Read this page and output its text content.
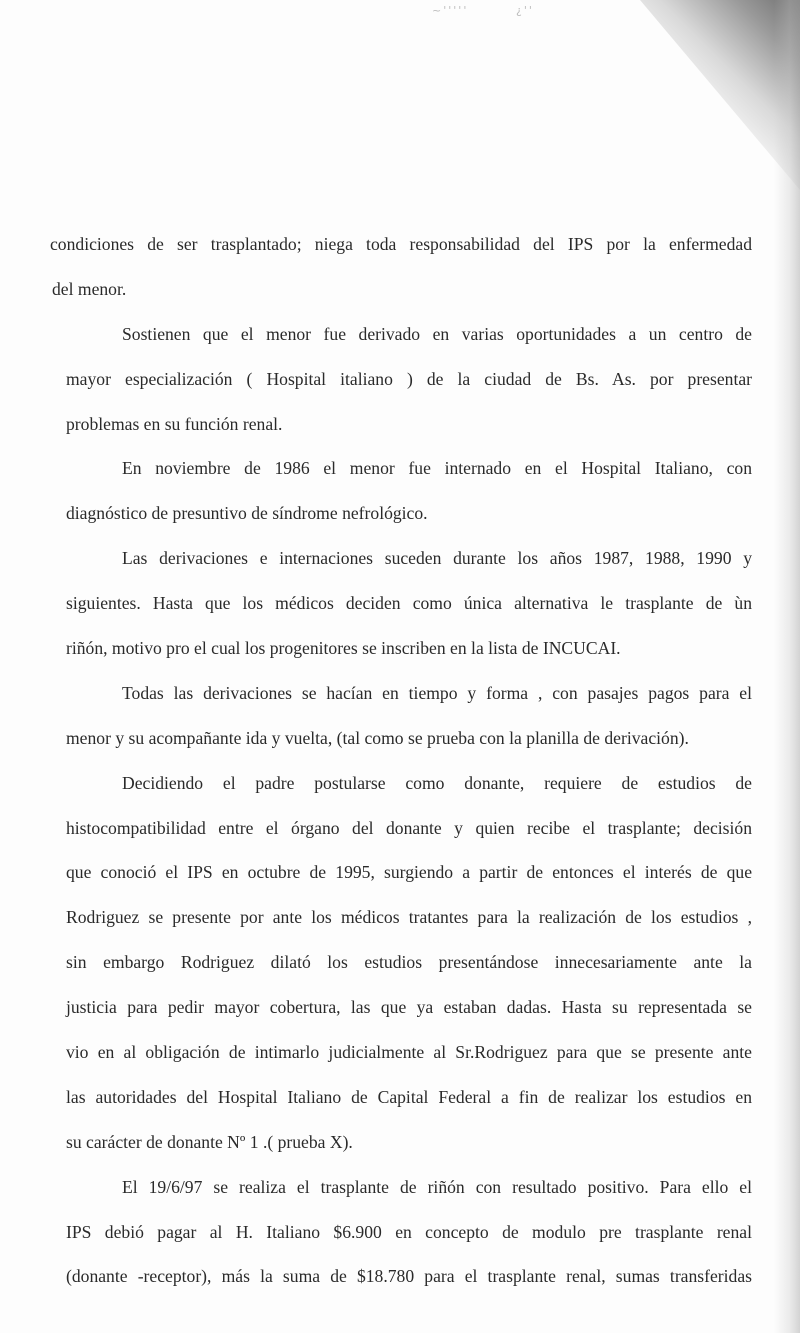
~'''''	¿''
condiciones de ser trasplantado; niega toda responsabilidad del IPS por la enfermedad
del menor.
Sostienen que el menor fue derivado en varias oportunidades a un centro de
mayor especialización ( Hospital italiano ) de la ciudad de Bs. As. por presentar
problemas en su función renal.
En noviembre de 1986 el menor fue internado en el Hospital Italiano, con
diagnóstico de presuntivo de síndrome nefrológico.
Las derivaciones e internaciones suceden durante los años 1987, 1988, 1990 y
siguientes. Hasta que los médicos deciden como única alternativa le trasplante de ùn
riñón, motivo pro el cual los progenitores se inscriben en la lista de INCUCAI.
Todas las derivaciones se hacían en tiempo y forma , con pasajes pagos para el
menor y su acompañante ida y vuelta, (tal como se prueba con la planilla de derivación).
Decidiendo el padre postularse como donante, requiere de estudios de
histocompatibilidad entre el órgano del donante y quien recibe el trasplante; decisión
que conoció el IPS en octubre de 1995, surgiendo a partir de entonces el interés de que
Rodriguez se presente por ante los médicos tratantes para la realización de los estudios ,
sin embargo Rodriguez dilató los estudios presentándose innecesariamente ante la
justicia para pedir mayor cobertura, las que ya estaban dadas. Hasta su representada se
vio en al obligación de intimarlo judicialmente al Sr.Rodriguez para que se presente ante
las autoridades del Hospital Italiano de Capital Federal a fin de realizar los estudios en
su carácter de donante Nº 1 .( prueba X).
El 19/6/97 se realiza el trasplante de riñón con resultado positivo. Para ello el
IPS debió pagar al H. Italiano $6.900 en concepto de modulo pre trasplante renal
(donante -receptor), más la suma de $18.780 para el trasplante renal, sumas transferidas
